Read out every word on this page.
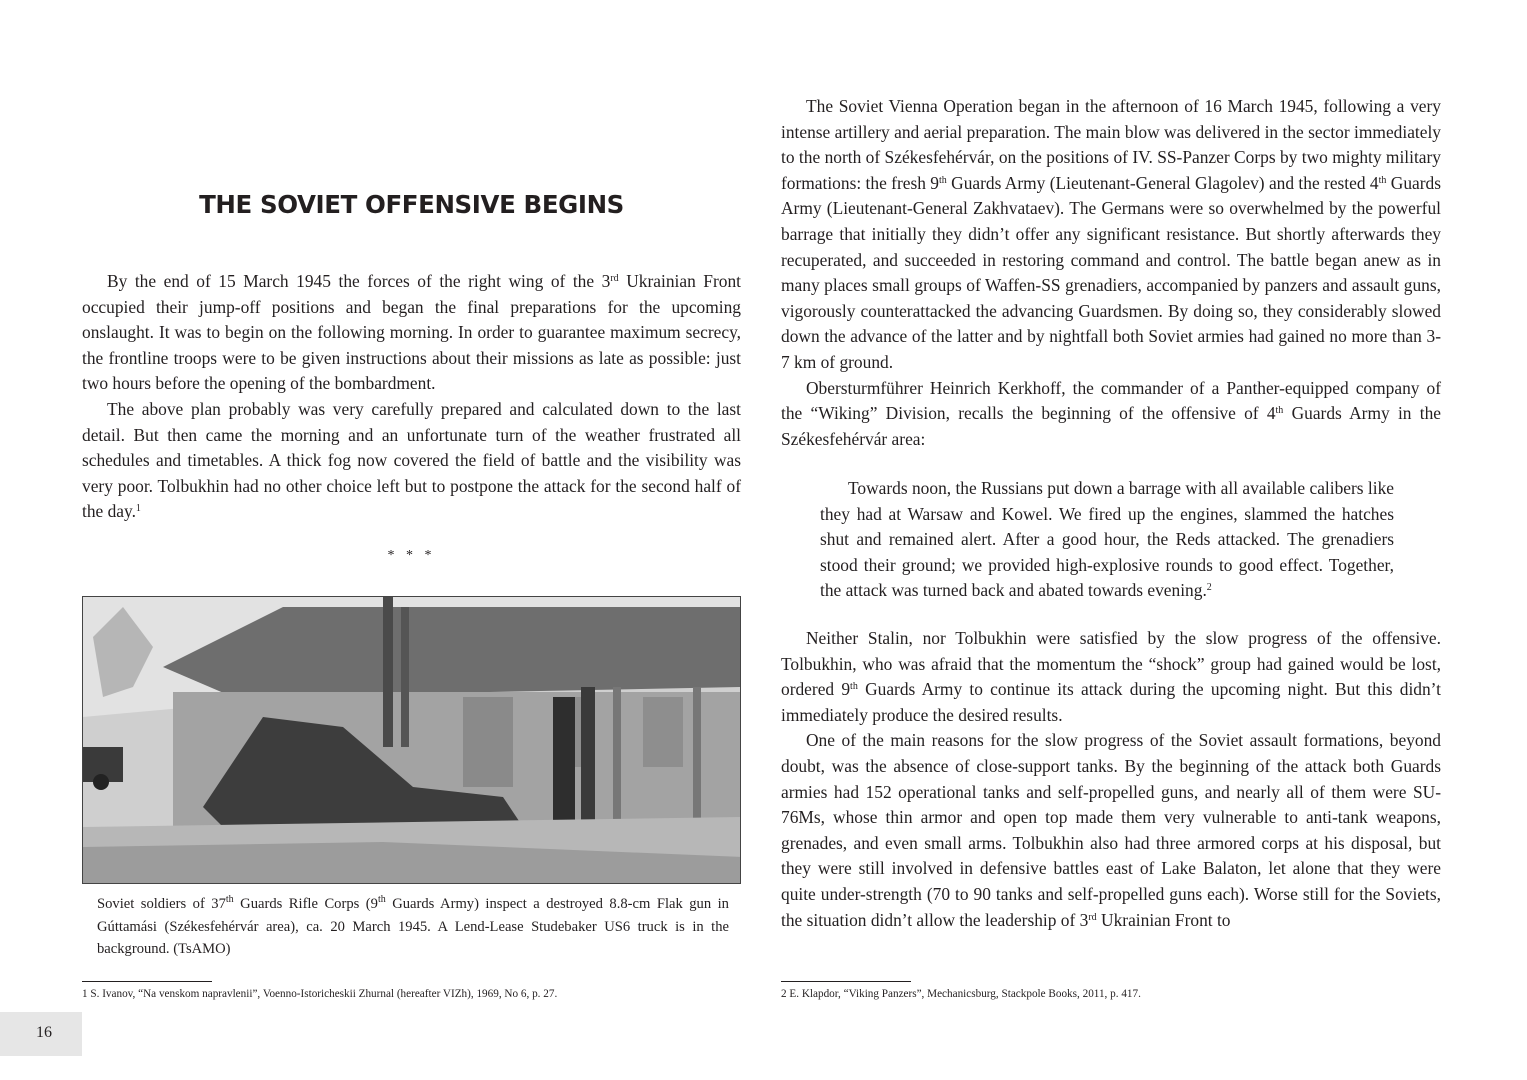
THE SOVIET OFFENSIVE BEGINS

By the end of 15 March 1945 the forces of the right wing of the 3rd Ukrainian Front occupied their jump-off positions and began the final preparations for the upcoming onslaught. It was to begin on the following morning. In order to guarantee maximum secrecy, the frontline troops were to be given instructions about their missions as late as possible: just two hours before the opening of the bombardment.

The above plan probably was very carefully prepared and calculated down to the last detail. But then came the morning and an unfortunate turn of the weather frustrated all schedules and timetables. A thick fog now covered the field of battle and the visibility was very poor. Tolbukhin had no other choice left but to postpone the attack for the second half of the day.$^1$

* * *
Soviet soldiers of 37th Guards Rifle Corps (9th Guards Army) inspect a destroyed 8.8-cm Flak gun in Gúttamási (Székesfehérvár area), ca. 20 March 1945. A Lend-Lease Studebaker US6 truck is in the background. (TsAMO)
1 S. Ivanov, “Na venskom napravlenii”, Voenno-Istoricheskii Zhurnal (hereafter VIZh), 1969, No 6, p. 27.

The Soviet Vienna Operation began in the afternoon of 16 March 1945, following a very intense artillery and aerial preparation. The main blow was delivered in the sector immediately to the north of Székesfehérvár, on the positions of IV. SS-Panzer Corps by two mighty military formations: the fresh 9th Guards Army (Lieutenant-General Glagolev) and the rested 4th Guards Army (Lieutenant-General Zakhvataev). The Germans were so overwhelmed by the powerful barrage that initially they didn’t offer any significant resistance. But shortly afterwards they recuperated, and succeeded in restoring command and control. The battle began anew as in many places small groups of Waffen-SS grenadiers, accompanied by panzers and assault guns, vigorously counterattacked the advancing Guardsmen. By doing so, they considerably slowed down the advance of the latter and by nightfall both Soviet armies had gained no more than 3-7 km of ground.

Obersturmführer Heinrich Kerkhoff, the commander of a Panther-equipped company of the “Wiking” Division, recalls the beginning of the offensive of 4th Guards Army in the Székesfehérvár area:

Towards noon, the Russians put down a barrage with all available calibers like they had at Warsaw and Kowel. We fired up the engines, slammed the hatches shut and remained alert. After a good hour, the Reds attacked. The grenadiers stood their ground; we provided high-explosive rounds to good effect. Together, the attack was turned back and abated towards evening.$^2$

Neither Stalin, nor Tolbukhin were satisfied by the slow progress of the offensive. Tolbukhin, who was afraid that the momentum the “shock” group had gained would be lost, ordered 9th Guards Army to continue its attack during the upcoming night. But this didn’t immediately produce the desired results.

One of the main reasons for the slow progress of the Soviet assault formations, beyond doubt, was the absence of close-support tanks. By the beginning of the attack both Guards armies had 152 operational tanks and self-propelled guns, and nearly all of them were SU-76Ms, whose thin armor and open top made them very vulnerable to anti-tank weapons, grenades, and even small arms. Tolbukhin also had three armored corps at his disposal, but they were still involved in defensive battles east of Lake Balaton, let alone that they were quite under-strength (70 to 90 tanks and self-propelled guns each). Worse still for the Soviets, the situation didn’t allow the leadership of 3rd Ukrainian Front to

2 E. Klapdor, “Viking Panzers”, Mechanicsburg, Stackpole Books, 2011, p. 417.
16
